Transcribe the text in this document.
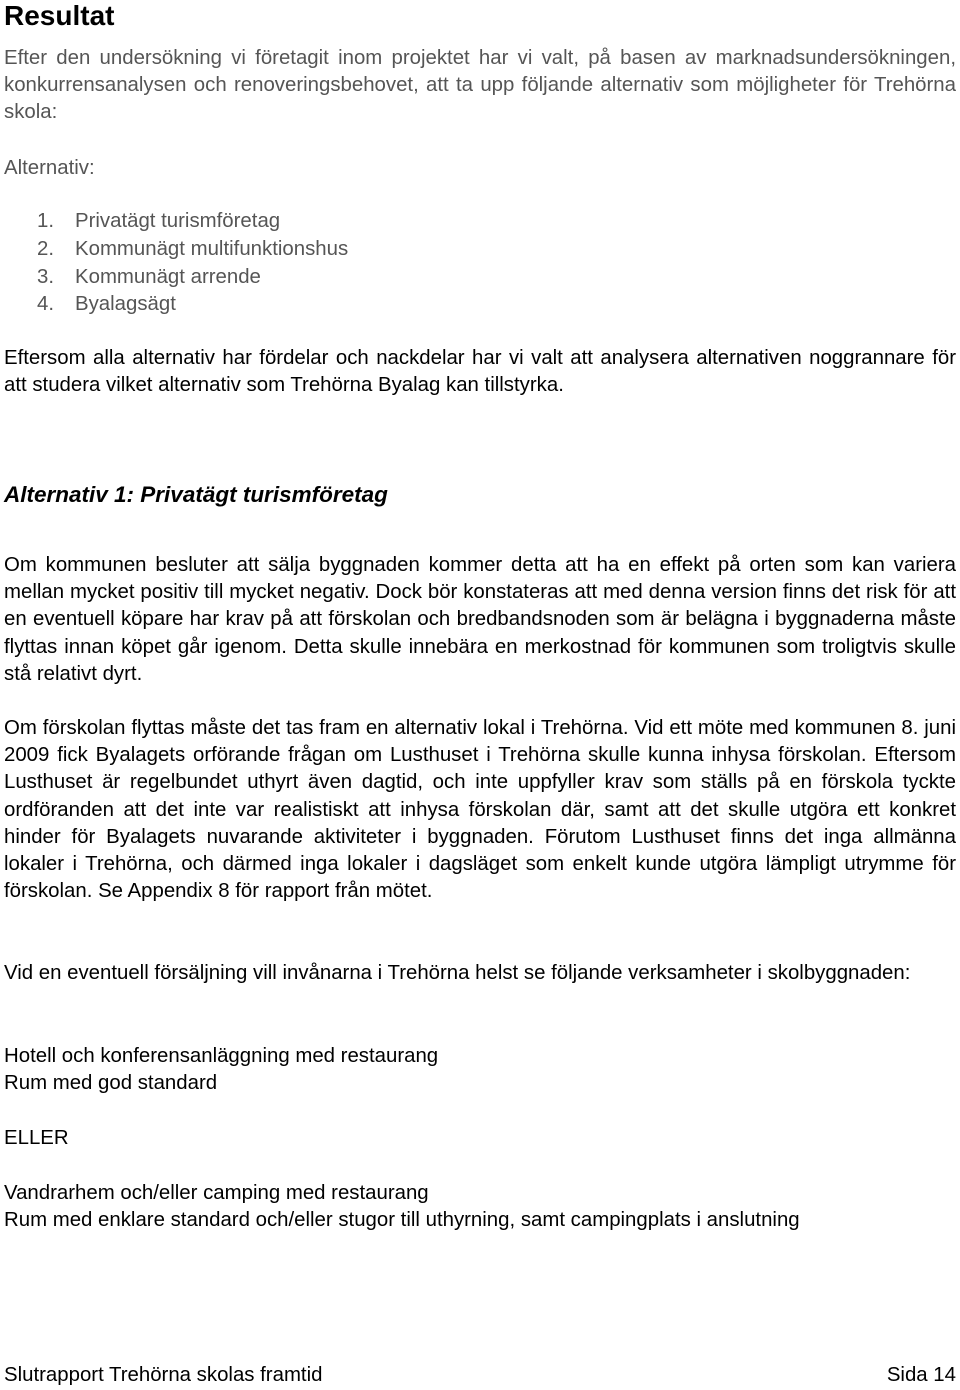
Resultat

Efter den undersökning vi företagit inom projektet har vi valt, på basen av marknadsundersökningen, konkurrensanalysen och renoveringsbehovet, att ta upp följande alternativ som möjligheter för Trehörna skola:

Alternativ:

1. Privatägt turismföretag
2. Kommunägt multifunktionshus
3. Kommunägt arrende
4. Byalagsägt

Eftersom alla alternativ har fördelar och nackdelar har vi valt att analysera alternativen noggrannare för att studera vilket alternativ som Trehörna Byalag kan tillstyrka.

Alternativ 1: Privatägt turismföretag

Om kommunen besluter att sälja byggnaden kommer detta att ha en effekt på orten som kan variera mellan mycket positiv till mycket negativ. Dock bör konstateras att med denna version finns det risk för att en eventuell köpare har krav på att förskolan och bredbandsnoden som är belägna i byggnaderna måste flyttas innan köpet går igenom. Detta skulle innebära en merkostnad för kommunen som troligtvis skulle stå relativt dyrt.

Om förskolan flyttas måste det tas fram en alternativ lokal i Trehörna. Vid ett möte med kommunen 8. juni 2009 fick Byalagets orförande frågan om Lusthuset i Trehörna skulle kunna inhysa förskolan. Eftersom Lusthuset är regelbundet uthyrt även dagtid, och inte uppfyller krav som ställs på en förskola tyckte ordföranden att det inte var realistiskt att inhysa förskolan där, samt att det skulle utgöra ett konkret hinder för Byalagets nuvarande aktiviteter i byggnaden. Förutom Lusthuset finns det inga allmänna lokaler i Trehörna, och därmed inga lokaler i dagsläget som enkelt kunde utgöra lämpligt utrymme för förskolan. Se Appendix 8 för rapport från mötet.

Vid en eventuell försäljning vill invånarna i Trehörna helst se följande verksamheter i skolbyggnaden:

Hotell och konferensanläggning med restaurang

Rum med god standard

ELLER

Vandrarhem och/eller camping med restaurang

Rum med enklare standard och/eller stugor till uthyrning, samt campingplats i anslutning

Slutrapport Trehörna skolas framtid	Sida 14
